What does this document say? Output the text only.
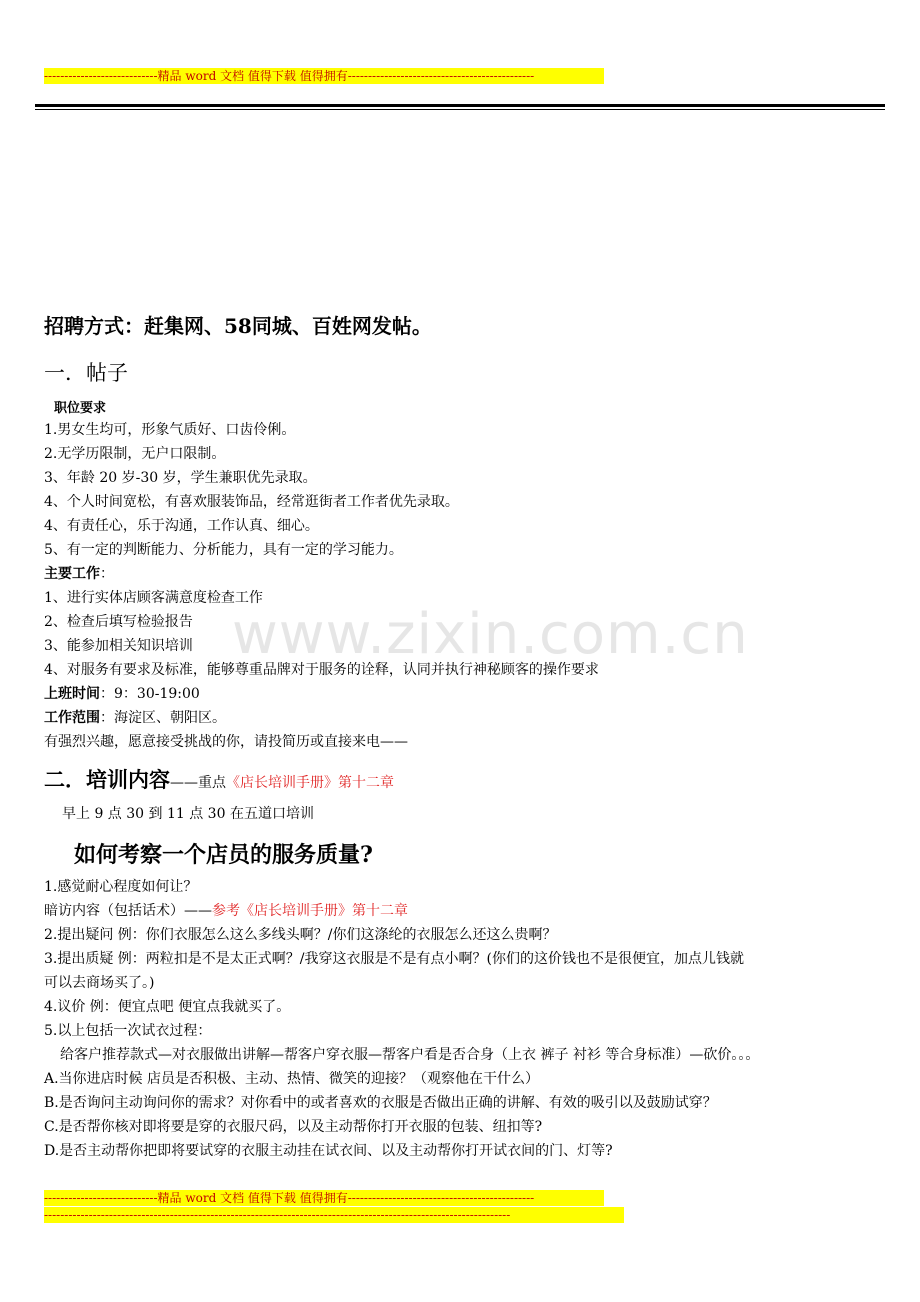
----------------------------精品 word 文档 值得下载 值得拥有----------------------------------------------
www.zixin.com.cn
招聘方式：赶集网、58同城、百姓网发帖。
一．帖子
职位要求
1.男女生均可，形象气质好、口齿伶俐。
2.无学历限制，无户口限制。
3、年龄 20 岁-30 岁，学生兼职优先录取。
4、个人时间宽松，有喜欢服装饰品，经常逛街者工作者优先录取。
4、有责任心，乐于沟通，工作认真、细心。
5、有一定的判断能力、分析能力，具有一定的学习能力。
主要工作：
1、进行实体店顾客满意度检查工作
2、检查后填写检验报告
3、能参加相关知识培训
4、对服务有要求及标准，能够尊重品牌对于服务的诠释，认同并执行神秘顾客的操作要求
上班时间：9：30-19:00
工作范围：海淀区、朝阳区。
有强烈兴趣，愿意接受挑战的你，请投简历或直接来电——
二．培训内容——重点《店长培训手册》第十二章
早上 9 点 30 到 11 点 30 在五道口培训
如何考察一个店员的服务质量?
1.感觉耐心程度如何让？
暗访内容（包括话术）——参考《店长培训手册》第十二章
2.提出疑问 例：你们衣服怎么这么多线头啊？/你们这涤纶的衣服怎么还这么贵啊？
3.提出质疑 例：两粒扣是不是太正式啊？/我穿这衣服是不是有点小啊？(你们的这价钱也不是很便宜，加点儿钱就
可以去商场买了。)
4.议价 例：便宜点吧 便宜点我就买了。
5.以上包括一次试衣过程：
给客户推荐款式—对衣服做出讲解—帮客户穿衣服—帮客户看是否合身（上衣 裤子 衬衫 等合身标准）—砍价。。。
A.当你进店时候 店员是否积极、主动、热情、微笑的迎接？（观察他在干什么）
B.是否询问主动询问你的需求？对你看中的或者喜欢的衣服是否做出正确的讲解、有效的吸引以及鼓励试穿？
C.是否帮你核对即将要是穿的衣服尺码，以及主动帮你打开衣服的包装、纽扣等?
D.是否主动帮你把即将要试穿的衣服主动挂在试衣间、以及主动帮你打开试衣间的门、灯等?
----------------------------精品 word 文档 值得下载 值得拥有----------------------------------------------
-------------------------------------------------------------------------------------------------------------------
